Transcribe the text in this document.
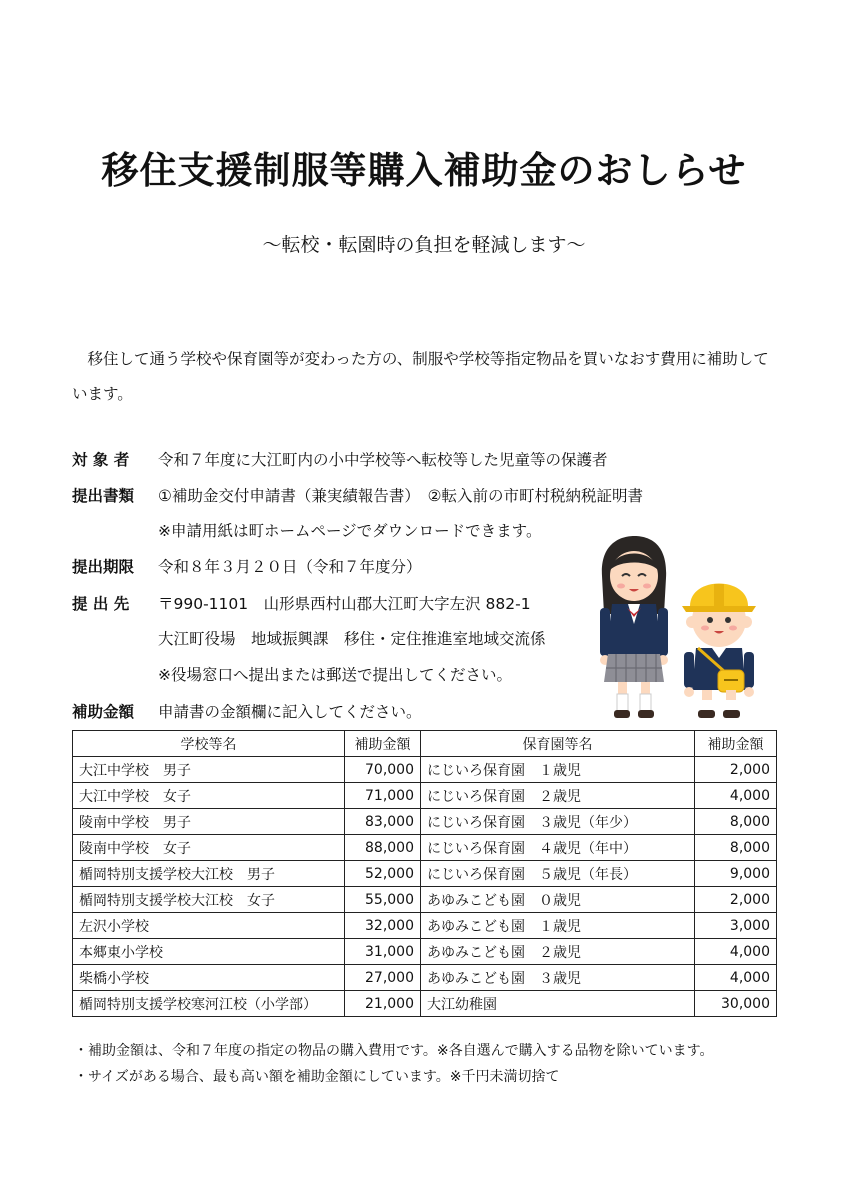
移住支援制服等購入補助金のおしらせ
～転校・転園時の負担を軽減します～
　移住して通う学校や保育園等が変わった方の、制服や学校等指定物品を買いなおす費用に補助しています。
対 象 者 令和７年度に大江町内の小中学校等へ転校等した児童等の保護者
提出書類 ①補助金交付申請書（兼実績報告書）　②転入前の市町村税納税証明書
※申請用紙は町ホームページでダウンロードできます。
提出期限 令和８年３月２０日（令和７年度分）
提 出 先 〒990-1101　山形県西村山郡大江町大字左沢 882-1
大江町役場　地域振興課　移住・定住推進室地域交流係
※役場窓口へ提出または郵送で提出してください。
補助金額 申請書の金額欄に記入してください。
学校等名	補助金額	保育園等名	補助金額
大江中学校　男子	70,000	にじいろ保育園　１歳児	2,000
大江中学校　女子	71,000	にじいろ保育園　２歳児	4,000
陵南中学校　男子	83,000	にじいろ保育園　３歳児（年少）	8,000
陵南中学校　女子	88,000	にじいろ保育園　４歳児（年中）	8,000
楯岡特別支援学校大江校　男子	52,000	にじいろ保育園　５歳児（年長）	9,000
楯岡特別支援学校大江校　女子	55,000	あゆみこども園　０歳児	2,000
左沢小学校	32,000	あゆみこども園　１歳児	3,000
本郷東小学校	31,000	あゆみこども園　２歳児	4,000
柴橋小学校	27,000	あゆみこども園　３歳児	4,000
楯岡特別支援学校寒河江校（小学部）	21,000	大江幼稚園	30,000
・補助金額は、令和７年度の指定の物品の購入費用です。※各自選んで購入する品物を除いています。
・サイズがある場合、最も高い額を補助金額にしています。※千円未満切捨て
